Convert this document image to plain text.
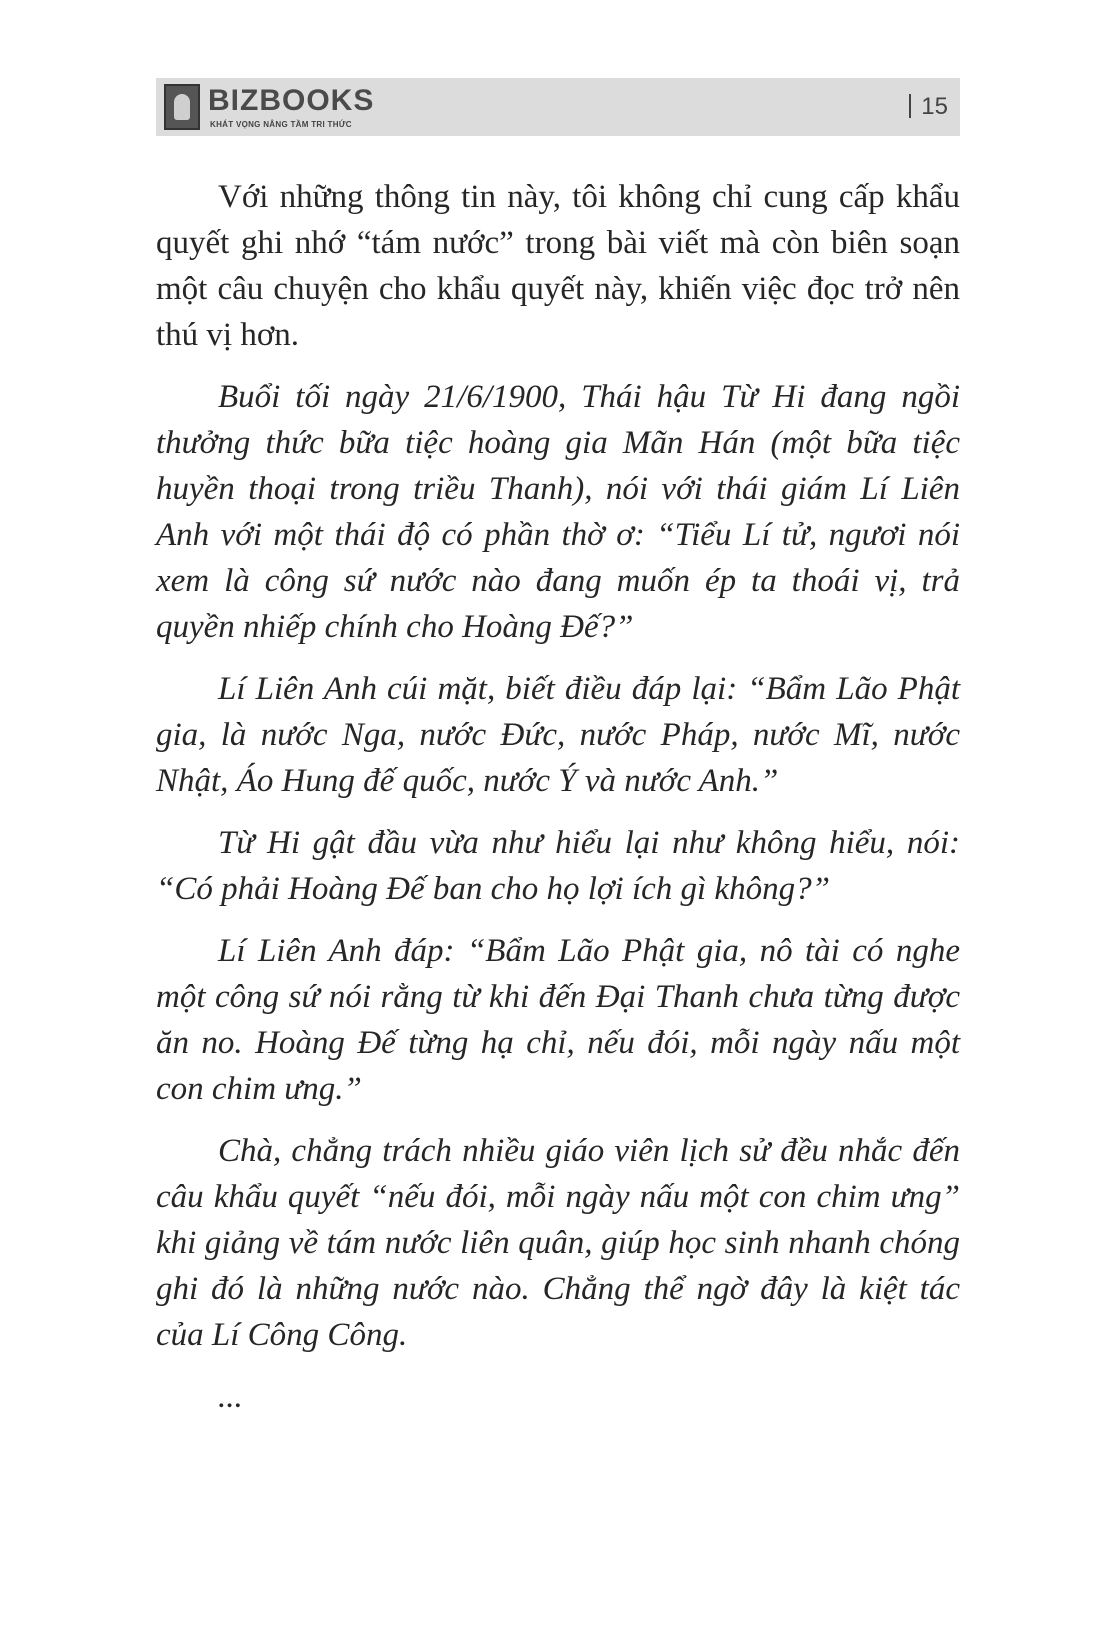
BIZBOOKS
KHÁT VỌNG NÂNG TẦM TRI THỨC
15

Với những thông tin này, tôi không chỉ cung cấp khẩu quyết ghi nhớ “tám nước” trong bài viết mà còn biên soạn một câu chuyện cho khẩu quyết này, khiến việc đọc trở nên thú vị hơn.

Buổi tối ngày 21/6/1900, Thái hậu Từ Hi đang ngồi thưởng thức bữa tiệc hoàng gia Mãn Hán (một bữa tiệc huyền thoại trong triều Thanh), nói với thái giám Lí Liên Anh với một thái độ có phần thờ ơ: “Tiểu Lí tử, ngươi nói xem là công sứ nước nào đang muốn ép ta thoái vị, trả quyền nhiếp chính cho Hoàng Đế?”

Lí Liên Anh cúi mặt, biết điều đáp lại: “Bẩm Lão Phật gia, là nước Nga, nước Đức, nước Pháp, nước Mĩ, nước Nhật, Áo Hung đế quốc, nước Ý và nước Anh.”

Từ Hi gật đầu vừa như hiểu lại như không hiểu, nói: “Có phải Hoàng Đế ban cho họ lợi ích gì không?”

Lí Liên Anh đáp: “Bẩm Lão Phật gia, nô tài có nghe một công sứ nói rằng từ khi đến Đại Thanh chưa từng được ăn no. Hoàng Đế từng hạ chỉ, nếu đói, mỗi ngày nấu một con chim ưng.”

Chà, chẳng trách nhiều giáo viên lịch sử đều nhắc đến câu khẩu quyết “nếu đói, mỗi ngày nấu một con chim ưng” khi giảng về tám nước liên quân, giúp học sinh nhanh chóng ghi đó là những nước nào. Chẳng thể ngờ đây là kiệt tác của Lí Công Công.

...
